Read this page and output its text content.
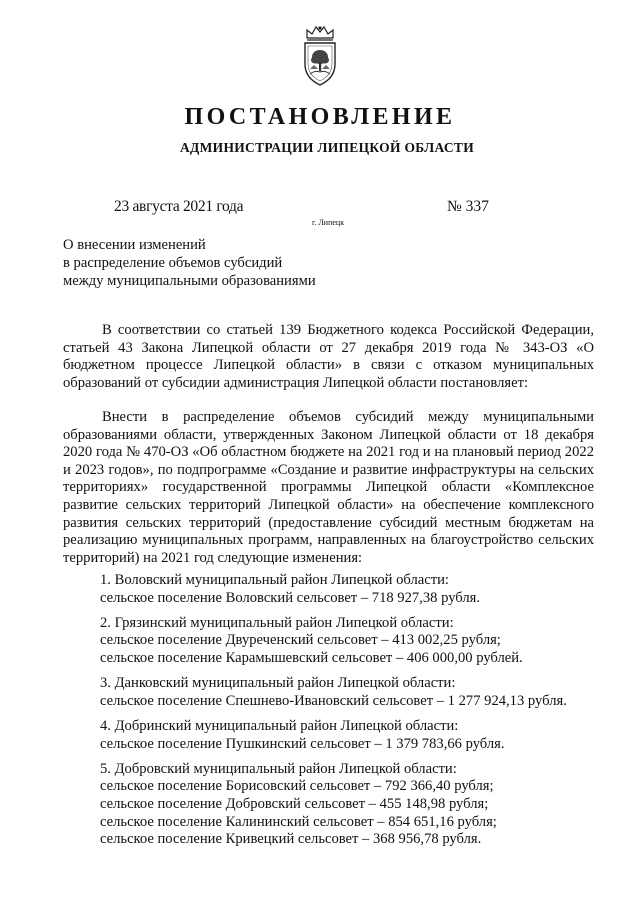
ПОСТАНОВЛЕНИЕ
АДМИНИСТРАЦИИ ЛИПЕЦКОЙ ОБЛАСТИ
23 августа 2021 года
г. Липецк
№ 337
О внесении изменений
в распределение объемов субсидий
между муниципальными образованиями

В соответствии со статьей 139 Бюджетного кодекса Российской Федерации, статьей 43 Закона Липецкой области от 27 декабря 2019 года № 343-ОЗ «О бюджетном процессе Липецкой области» в связи с отказом муниципальных образований от субсидии администрация Липецкой области постановляет:

Внести в распределение объемов субсидий между муниципальными образованиями области, утвержденных Законом Липецкой области от 18 декабря 2020 года № 470-ОЗ «Об областном бюджете на 2021 год и на плановый период 2022 и 2023 годов», по подпрограмме «Создание и развитие инфраструктуры на сельских территориях» государственной программы Липецкой области «Комплексное развитие сельских территорий Липецкой области» на обеспечение комплексного развития сельских территорий (предоставление субсидий местным бюджетам на реализацию муниципальных программ, направленных на благоустройство сельских территорий) на 2021 год следующие изменения:

1. Воловский муниципальный район Липецкой области:
сельское поселение Воловский сельсовет – 718 927,38 рубля.
2. Грязинский муниципальный район Липецкой области:
сельское поселение Двуреченский сельсовет – 413 002,25 рубля;
сельское поселение Карамышевский сельсовет – 406 000,00 рублей.
3. Данковский муниципальный район Липецкой области:
сельское поселение Спешнево-Ивановский сельсовет – 1 277 924,13 рубля.
4. Добринский муниципальный район Липецкой области:
сельское поселение Пушкинский сельсовет – 1 379 783,66 рубля.
5. Добровский муниципальный район Липецкой области:
сельское поселение Борисовский сельсовет – 792 366,40 рубля;
сельское поселение Добровский сельсовет – 455 148,98 рубля;
сельское поселение Калининский сельсовет – 854 651,16 рубля;
сельское поселение Кривецкий сельсовет – 368 956,78 рубля.
